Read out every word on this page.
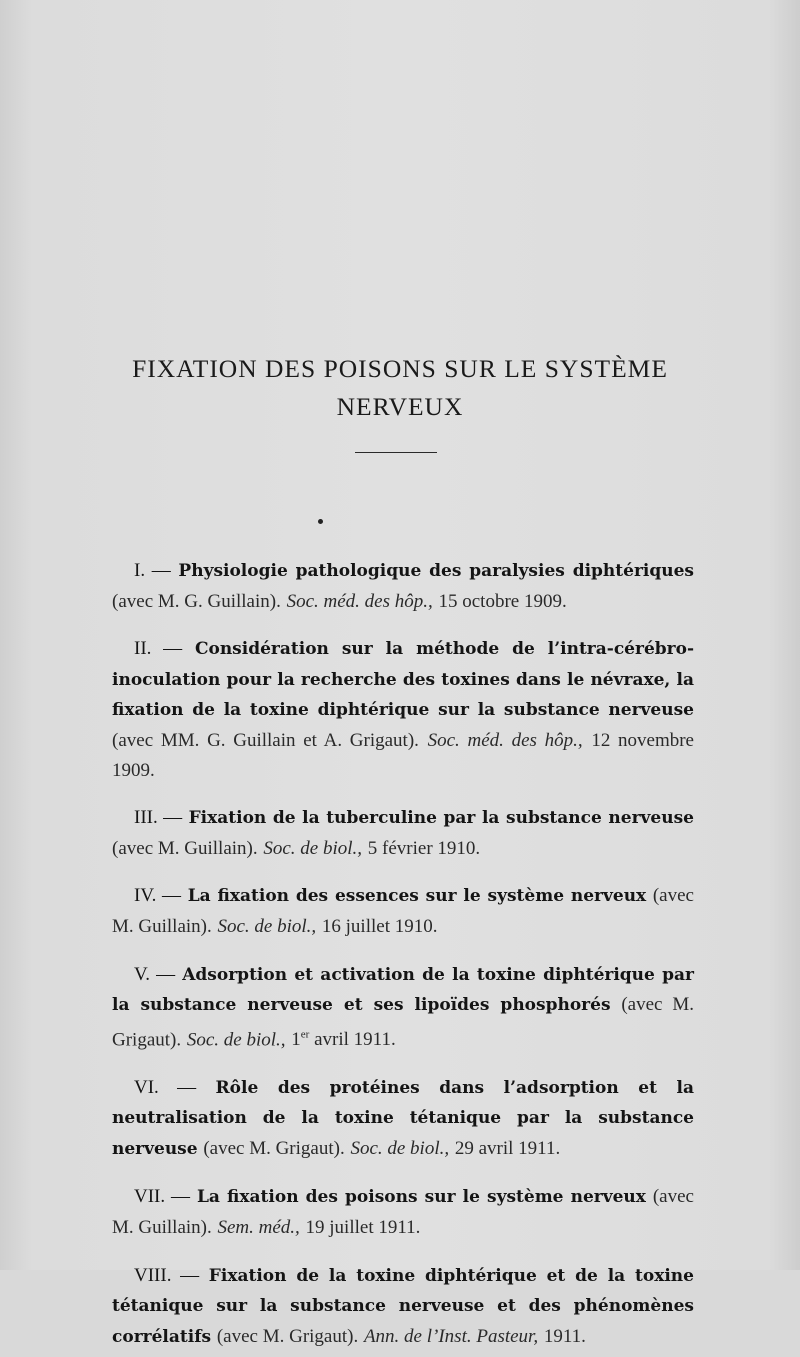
FIXATION DES POISONS SUR LE SYSTÈME
NERVEUX

I. — Physiologie pathologique des paralysies diphtériques (avec M. G. Guillain). Soc. méd. des hôp., 15 octobre 1909.

II. — Considération sur la méthode de l’intra-cérébro-inoculation pour la recherche des toxines dans le névraxe, la fixation de la toxine diphtérique sur la substance nerveuse (avec MM. G. Guillain et A. Grigaut). Soc. méd. des hôp., 12 novembre 1909.

III. — Fixation de la tuberculine par la substance nerveuse (avec M. Guillain). Soc. de biol., 5 février 1910.

IV. — La fixation des essences sur le système nerveux (avec M. Guillain). Soc. de biol., 16 juillet 1910.

V. — Adsorption et activation de la toxine diphtérique par la substance nerveuse et ses lipoïdes phosphorés (avec M. Grigaut). Soc. de biol., 1er avril 1911.

VI. — Rôle des protéines dans l’adsorption et la neutralisation de la toxine tétanique par la substance nerveuse (avec M. Grigaut). Soc. de biol., 29 avril 1911.

VII. — La fixation des poisons sur le système nerveux (avec M. Guillain). Sem. méd., 19 juillet 1911.

VIII. — Fixation de la toxine diphtérique et de la toxine tétanique sur la substance nerveuse et des phénomènes corrélatifs (avec M. Grigaut). Ann. de l’Inst. Pasteur, 1911.
